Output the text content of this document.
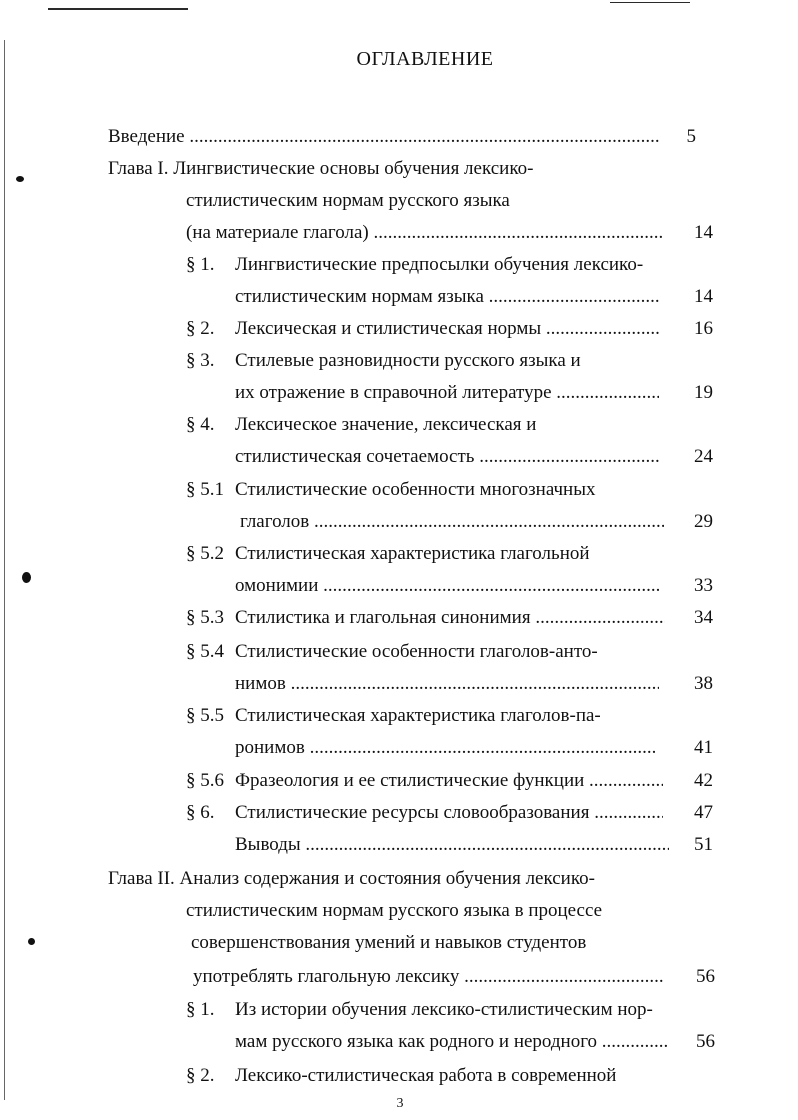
ОГЛАВЛЕНИЕ
Введение .....	5
Глава I. Лингвистические основы обучения лексико-
стилистическим нормам русского языка
(на материале глагола) .....	14
§ 1. Лингвистические предпосылки обучения лексико-
стилистическим нормам языка .....	14
§ 2. Лексическая и стилистическая нормы .....	16
§ 3. Стилевые разновидности русского языка и
их отражение в справочной литературе .....	19
§ 4. Лексическое значение, лексическая и
стилистическая сочетаемость .....	24
§ 5.1 Стилистические особенности многозначных
глаголов .....	29
§ 5.2 Стилистическая характеристика глагольной
омонимии .....	33
§ 5.3 Стилистика и глагольная синонимия .....	34
§ 5.4 Стилистические особенности глаголов-анто-
нимов .....	38
§ 5.5 Стилистическая характеристика глаголов-па-
ронимов .....	41
§ 5.6 Фразеология и ее стилистические функции .....	42
§ 6. Стилистические ресурсы словообразования .....	47
Выводы .....	51
Глава II. Анализ содержания и состояния обучения лексико-
стилистическим нормам русского языка в процессе
совершенствования умений и навыков студентов
употреблять глагольную лексику .....	56
§ 1. Из истории обучения лексико-стилистическим нор-
мам русского языка как родного и неродного .....	56
§ 2. Лексико-стилистическая работа в современной
3
